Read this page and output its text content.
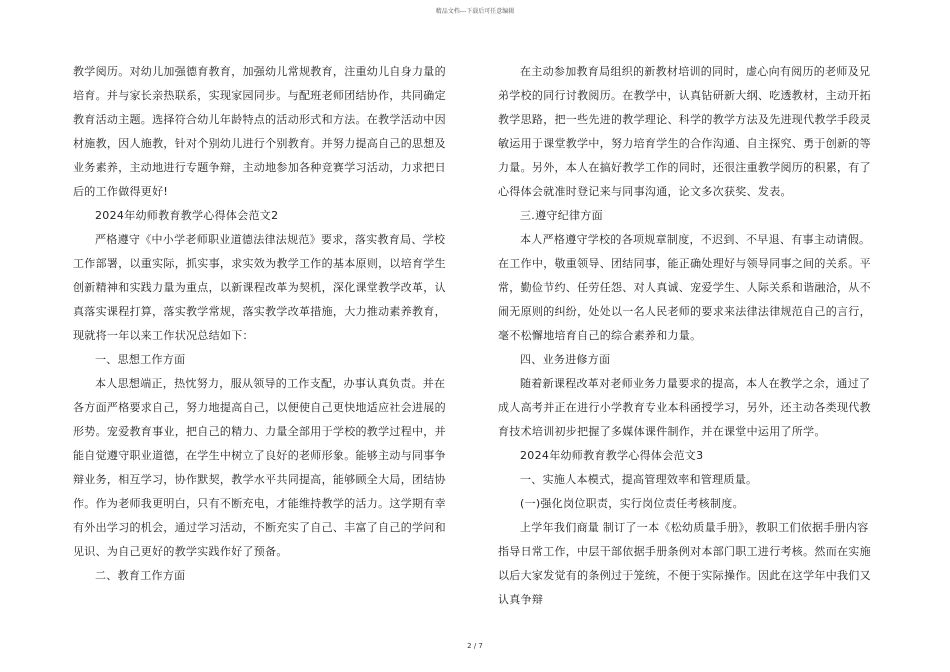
精品文档---下载后可任意编辑

教学阅历。对幼儿加强德育教育，加强幼儿常规教育，注重幼儿自身力量的培育。并与家长亲热联系，实现家园同步。与配班老师团结协作，共同确定教育活动主题。选择符合幼儿年龄特点的活动形式和方法。在教学活动中因材施教，因人施教，针对个别幼儿进行个别教育。并努力提高自己的思想及业务素养，主动地进行专题争辩，主动地参加各种竞赛学习活动，力求把日后的工作做得更好!

2024年幼师教育教学心得体会范文2

严格遵守《中小学老师职业道德法律法规范》要求，落实教育局、学校工作部署，以重实际，抓实事，求实效为教学工作的基本原则，以培育学生创新精神和实践力量为重点，以新课程改革为契机，深化课堂教学改革，认真落实课程打算，落实教学常规，落实教学改革措施，大力推动素养教育，现就将一年以来工作状况总结如下：

一、思想工作方面

本人思想端正，热忱努力，服从领导的工作支配，办事认真负责。并在各方面严格要求自己，努力地提高自己，以便使自己更快地适应社会进展的形势。宠爱教育事业，把自己的精力、力量全部用于学校的教学过程中，并能自觉遵守职业道德，在学生中树立了良好的老师形象。能够主动与同事争辩业务，相互学习，协作默契，教学水平共同提高，能够顾全大局，团结协作。作为老师我更明白，只有不断充电，才能维持教学的活力。这学期有幸有外出学习的机会，通过学习活动，不断充实了自己、丰富了自己的学问和见识、为自己更好的教学实践作好了预备。

二、教育工作方面

在主动参加教育局组织的新教材培训的同时，虚心向有阅历的老师及兄弟学校的同行讨教阅历。在教学中，认真钻研新大纲、吃透教材，主动开拓教学思路，把一些先进的教学理论、科学的教学方法及先进现代教学手段灵敏运用于课堂教学中，努力培育学生的合作沟通、自主探究、勇于创新的等力量。另外，本人在搞好教学工作的同时，还很注重教学阅历的积累，有了心得体会就准时登记来与同事沟通，论文多次获奖、发表。

三.遵守纪律方面

本人严格遵守学校的各项规章制度，不迟到、不早退、有事主动请假。在工作中，敬重领导、团结同事，能正确处理好与领导同事之间的关系。平常，勤俭节约、任劳任怨、对人真诚、宠爱学生、人际关系和谐融洽，从不闹无原则的纠纷，处处以一名人民老师的要求来法律法律规范自己的言行，毫不松懈地培育自己的综合素养和力量。

四、业务进修方面

随着新课程改革对老师业务力量要求的提高，本人在教学之余，通过了成人高考并正在进行小学教育专业本科函授学习，另外，还主动各类现代教育技术培训初步把握了多媒体课件制作，并在课堂中运用了所学。

2024年幼师教育教学心得体会范文3

一、实施人本模式，提高管理效率和管理质量。

(一)强化岗位职责，实行岗位责任考核制度。

上学年我们商量 制订了一本《松幼质量手册》，教职工们依据手册内容指导日常工作，中层干部依据手册条例对本部门职工进行考核。然而在实施以后大家发觉有的条例过于笼统，不便于实际操作。因此在这学年中我们又认真争辩

2 / 7
